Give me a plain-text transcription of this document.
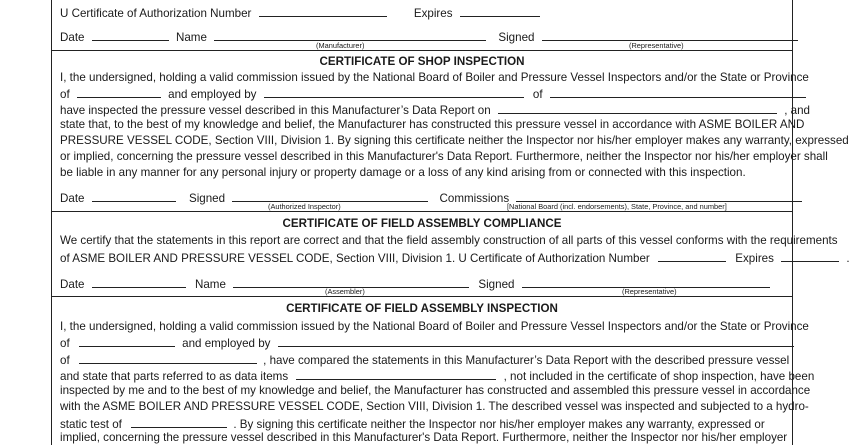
U Certificate of Authorization Number	Expires
Date	Name	Signed
(Manufacturer)	(Representative)
CERTIFICATE OF SHOP INSPECTION
I, the undersigned, holding a valid commission issued by the National Board of Boiler and Pressure Vessel Inspectors and/or the State or Province
of	and employed by	of
have inspected the pressure vessel described in this Manufacturer’s Data Report on	, and
state that, to the best of my knowledge and belief, the Manufacturer has constructed this pressure vessel in accordance with ASME BOILER AND
PRESSURE VESSEL CODE, Section VIII, Division 1. By signing this certificate neither the Inspector nor his/her employer makes any warranty, expressed
or implied, concerning the pressure vessel described in this Manufacturer's Data Report. Furthermore, neither the Inspector nor his/her employer shall
be liable in any manner for any personal injury or property damage or a loss of any kind arising from or connected with this inspection.
Date	Signed	Commissions
(Authorized Inspector)	[National Board (incl. endorsements), State, Province, and number]
CERTIFICATE OF FIELD ASSEMBLY COMPLIANCE
We certify that the statements in this report are correct and that the field assembly construction of all parts of this vessel conforms with the requirements
of ASME BOILER AND PRESSURE VESSEL CODE, Section VIII, Division 1. U Certificate of Authorization Number	Expires	.
Date	Name	Signed
(Assembler)	(Representative)
CERTIFICATE OF FIELD ASSEMBLY INSPECTION
I, the undersigned, holding a valid commission issued by the National Board of Boiler and Pressure Vessel Inspectors and/or the State or Province
of	and employed by
of	, have compared the statements in this Manufacturer’s Data Report with the described pressure vessel
and state that parts referred to as data items	, not included in the certificate of shop inspection, have been
inspected by me and to the best of my knowledge and belief, the Manufacturer has constructed and assembled this pressure vessel in accordance
with the ASME BOILER AND PRESSURE VESSEL CODE, Section VIII, Division 1. The described vessel was inspected and subjected to a hydro-
static test of	. By signing this certificate neither the Inspector nor his/her employer makes any warranty, expressed or
implied, concerning the pressure vessel described in this Manufacturer's Data Report. Furthermore, neither the Inspector nor his/her employer
